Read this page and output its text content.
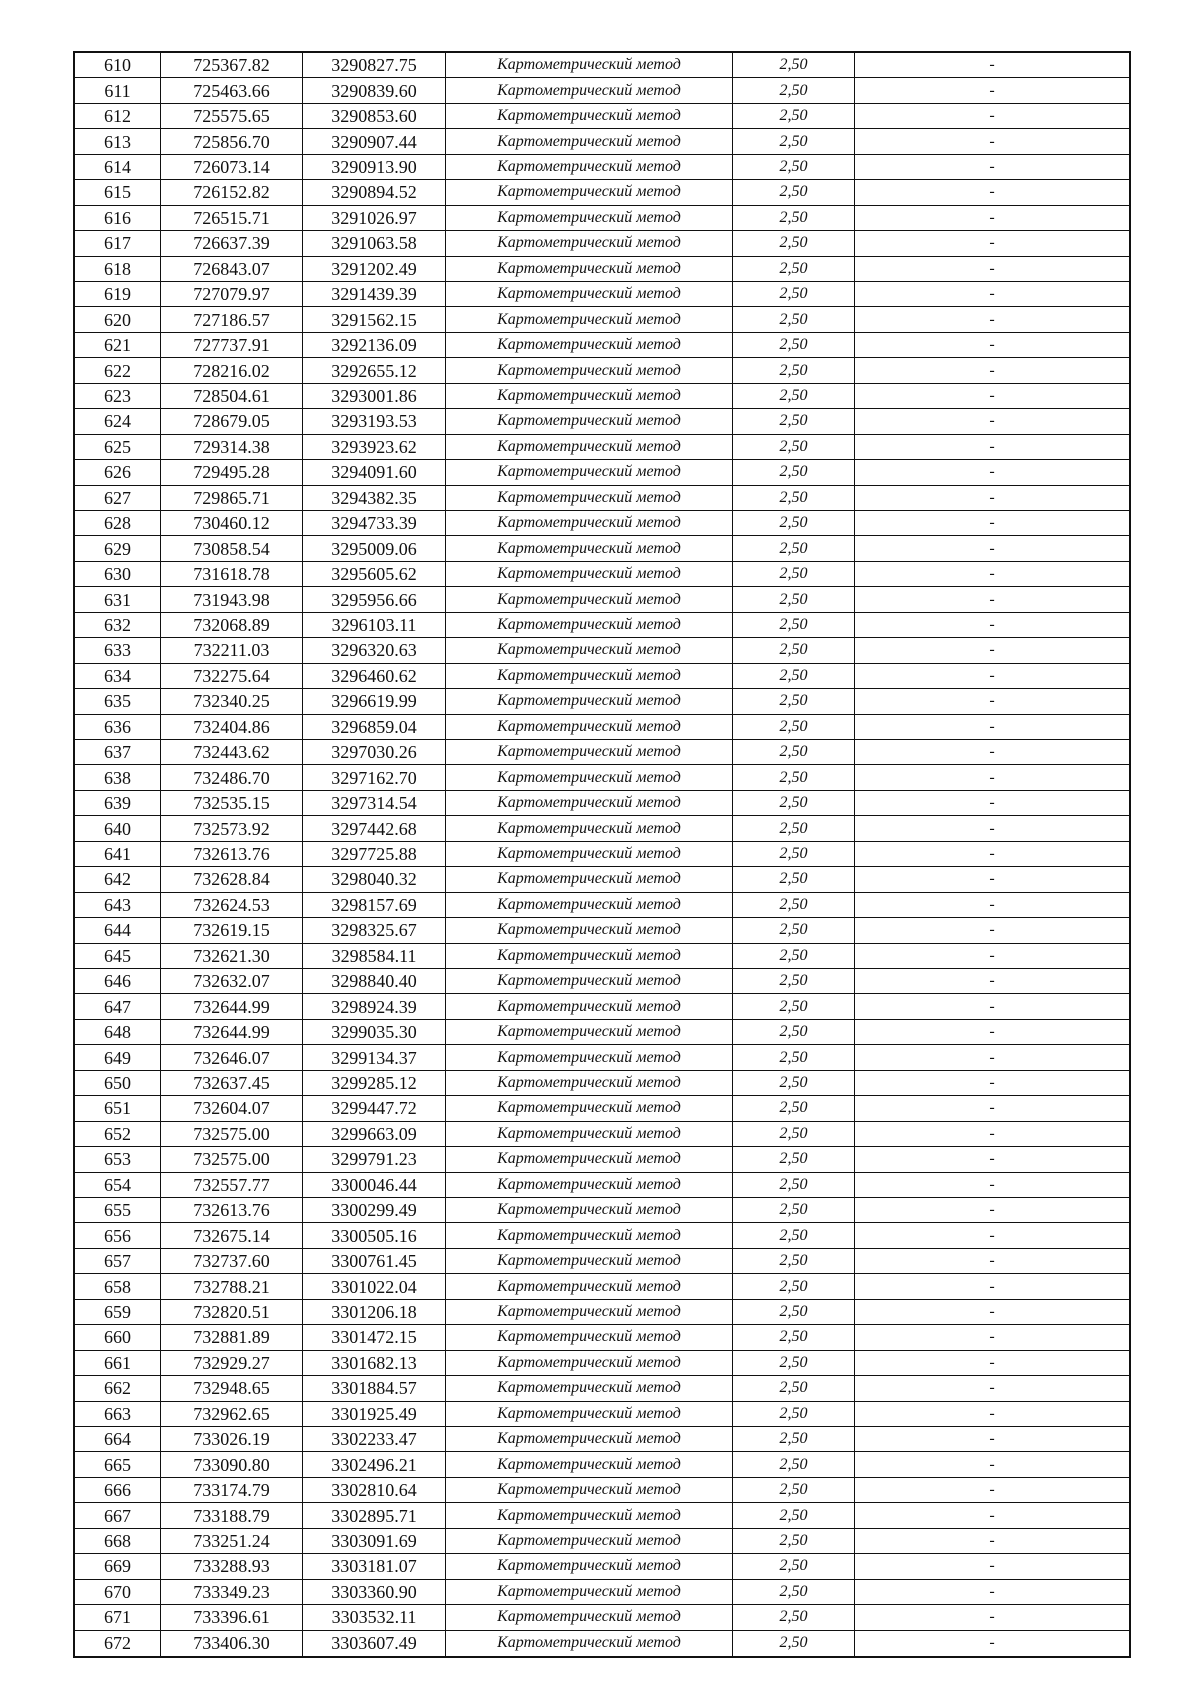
610	725367.82	3290827.75	Картометрический метод	2,50	-
611	725463.66	3290839.60	Картометрический метод	2,50	-
612	725575.65	3290853.60	Картометрический метод	2,50	-
613	725856.70	3290907.44	Картометрический метод	2,50	-
614	726073.14	3290913.90	Картометрический метод	2,50	-
615	726152.82	3290894.52	Картометрический метод	2,50	-
616	726515.71	3291026.97	Картометрический метод	2,50	-
617	726637.39	3291063.58	Картометрический метод	2,50	-
618	726843.07	3291202.49	Картометрический метод	2,50	-
619	727079.97	3291439.39	Картометрический метод	2,50	-
620	727186.57	3291562.15	Картометрический метод	2,50	-
621	727737.91	3292136.09	Картометрический метод	2,50	-
622	728216.02	3292655.12	Картометрический метод	2,50	-
623	728504.61	3293001.86	Картометрический метод	2,50	-
624	728679.05	3293193.53	Картометрический метод	2,50	-
625	729314.38	3293923.62	Картометрический метод	2,50	-
626	729495.28	3294091.60	Картометрический метод	2,50	-
627	729865.71	3294382.35	Картометрический метод	2,50	-
628	730460.12	3294733.39	Картометрический метод	2,50	-
629	730858.54	3295009.06	Картометрический метод	2,50	-
630	731618.78	3295605.62	Картометрический метод	2,50	-
631	731943.98	3295956.66	Картометрический метод	2,50	-
632	732068.89	3296103.11	Картометрический метод	2,50	-
633	732211.03	3296320.63	Картометрический метод	2,50	-
634	732275.64	3296460.62	Картометрический метод	2,50	-
635	732340.25	3296619.99	Картометрический метод	2,50	-
636	732404.86	3296859.04	Картометрический метод	2,50	-
637	732443.62	3297030.26	Картометрический метод	2,50	-
638	732486.70	3297162.70	Картометрический метод	2,50	-
639	732535.15	3297314.54	Картометрический метод	2,50	-
640	732573.92	3297442.68	Картометрический метод	2,50	-
641	732613.76	3297725.88	Картометрический метод	2,50	-
642	732628.84	3298040.32	Картометрический метод	2,50	-
643	732624.53	3298157.69	Картометрический метод	2,50	-
644	732619.15	3298325.67	Картометрический метод	2,50	-
645	732621.30	3298584.11	Картометрический метод	2,50	-
646	732632.07	3298840.40	Картометрический метод	2,50	-
647	732644.99	3298924.39	Картометрический метод	2,50	-
648	732644.99	3299035.30	Картометрический метод	2,50	-
649	732646.07	3299134.37	Картометрический метод	2,50	-
650	732637.45	3299285.12	Картометрический метод	2,50	-
651	732604.07	3299447.72	Картометрический метод	2,50	-
652	732575.00	3299663.09	Картометрический метод	2,50	-
653	732575.00	3299791.23	Картометрический метод	2,50	-
654	732557.77	3300046.44	Картометрический метод	2,50	-
655	732613.76	3300299.49	Картометрический метод	2,50	-
656	732675.14	3300505.16	Картометрический метод	2,50	-
657	732737.60	3300761.45	Картометрический метод	2,50	-
658	732788.21	3301022.04	Картометрический метод	2,50	-
659	732820.51	3301206.18	Картометрический метод	2,50	-
660	732881.89	3301472.15	Картометрический метод	2,50	-
661	732929.27	3301682.13	Картометрический метод	2,50	-
662	732948.65	3301884.57	Картометрический метод	2,50	-
663	732962.65	3301925.49	Картометрический метод	2,50	-
664	733026.19	3302233.47	Картометрический метод	2,50	-
665	733090.80	3302496.21	Картометрический метод	2,50	-
666	733174.79	3302810.64	Картометрический метод	2,50	-
667	733188.79	3302895.71	Картометрический метод	2,50	-
668	733251.24	3303091.69	Картометрический метод	2,50	-
669	733288.93	3303181.07	Картометрический метод	2,50	-
670	733349.23	3303360.90	Картометрический метод	2,50	-
671	733396.61	3303532.11	Картометрический метод	2,50	-
672	733406.30	3303607.49	Картометрический метод	2,50	-
